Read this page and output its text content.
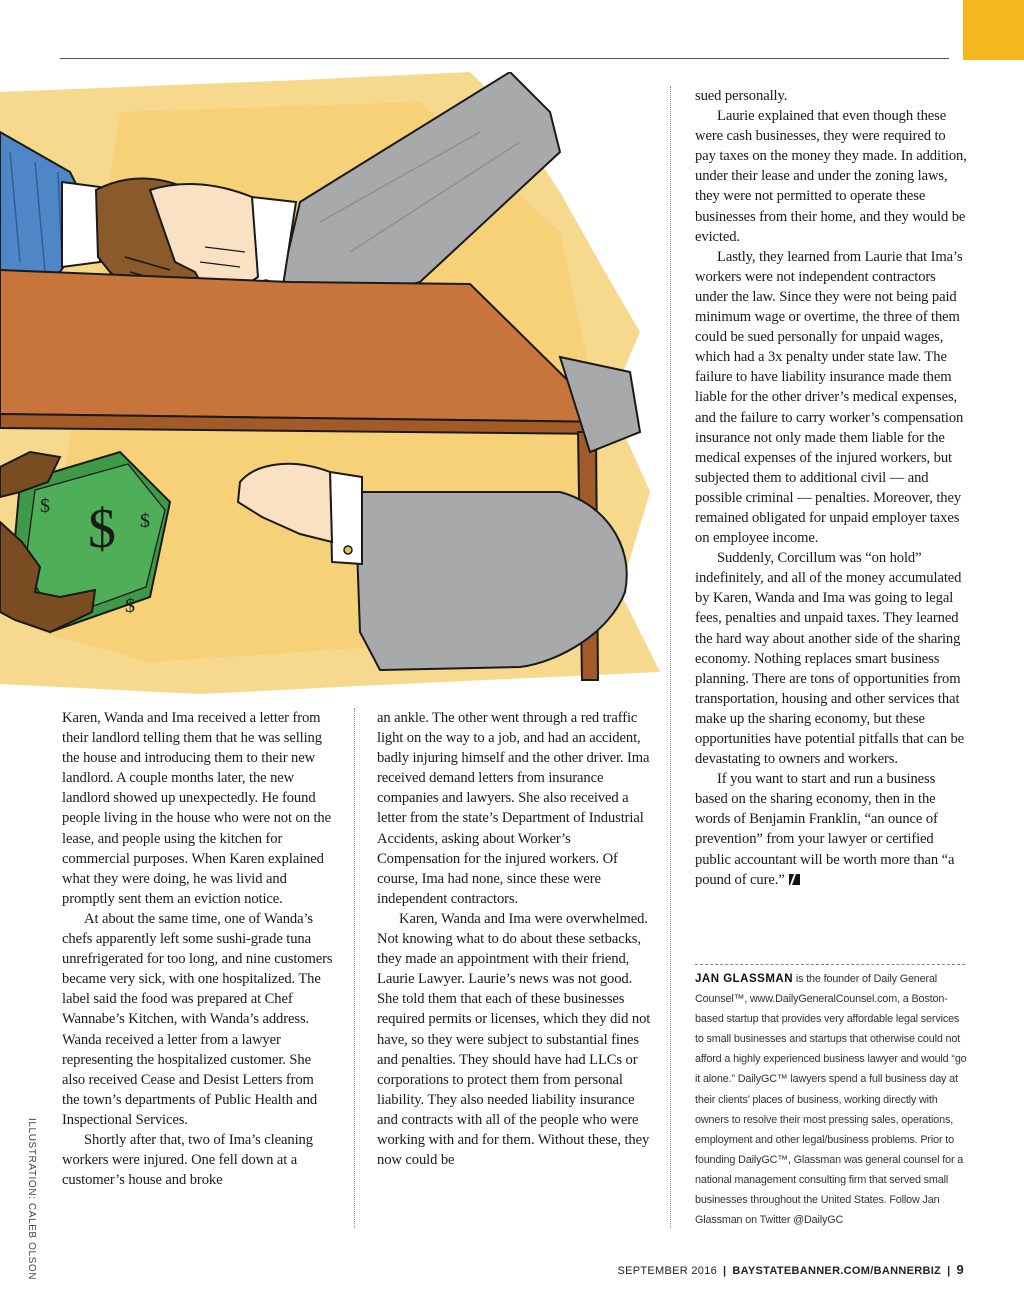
$ $
$
$
ILLUSTRATION: CALEB OLSON

Karen, Wanda and Ima received a letter from their landlord telling them that he was selling the house and introducing them to their new landlord. A couple months later, the new landlord showed up unexpectedly. He found people living in the house who were not on the lease, and people using the kitchen for commercial purposes. When Karen explained what they were doing, he was livid and promptly sent them an eviction notice.

At about the same time, one of Wanda’s chefs apparently left some sushi-grade tuna unrefrigerated for too long, and nine customers became very sick, with one hospitalized. The label said the food was prepared at Chef Wannabe’s Kitchen, with Wanda’s address. Wanda received a letter from a lawyer representing the hospitalized customer. She also received Cease and Desist Letters from the town’s departments of Public Health and Inspectional Services.

Shortly after that, two of Ima’s cleaning workers were injured. One fell down at a customer’s house and broke

an ankle. The other went through a red traffic light on the way to a job, and had an accident, badly injuring himself and the other driver. Ima received demand letters from insurance companies and lawyers. She also received a letter from the state’s Department of Industrial Accidents, asking about Worker’s Compensation for the injured workers. Of course, Ima had none, since these were independent contractors.

Karen, Wanda and Ima were overwhelmed. Not knowing what to do about these setbacks, they made an appointment with their friend, Laurie Lawyer. Laurie’s news was not good. She told them that each of these businesses required permits or licenses, which they did not have, so they were subject to substantial fines and penalties. They should have had LLCs or corporations to protect them from personal liability. They also needed liability insurance and contracts with all of the people who were working with and for them. Without these, they now could be

sued personally.

Laurie explained that even though these were cash businesses, they were required to pay taxes on the money they made. In addition, under their lease and under the zoning laws, they were not permitted to operate these businesses from their home, and they would be evicted.

Lastly, they learned from Laurie that Ima’s workers were not independent contractors under the law. Since they were not being paid minimum wage or overtime, the three of them could be sued personally for unpaid wages, which had a 3x penalty under state law. The failure to have liability insurance made them liable for the other driver’s medical expenses, and the failure to carry worker’s compensation insurance not only made them liable for the medical expenses of the injured workers, but subjected them to additional civil — and possible criminal — penalties. Moreover, they remained obligated for unpaid employer taxes on employee income.

Suddenly, Corcillum was “on hold” indefinitely, and all of the money accumulated by Karen, Wanda and Ima was going to legal fees, penalties and unpaid taxes. They learned the hard way about another side of the sharing economy. Nothing replaces smart business planning. There are tons of opportunities from transportation, housing and other services that make up the sharing economy, but these opportunities have potential pitfalls that can be devastating to owners and workers.

If you want to start and run a business based on the sharing economy, then in the words of Benjamin Franklin, “an ounce of prevention” from your lawyer or certified public accountant will be worth more than “a pound of cure.”

JAN GLASSMAN is the founder of Daily General Counsel™, www.DailyGeneralCounsel.com, a Boston-based startup that provides very affordable legal services to small businesses and startups that otherwise could not afford a highly experienced business lawyer and would “go it alone.” DailyGC™ lawyers spend a full business day at their clients’ places of business, working directly with owners to resolve their most pressing sales, operations, employment and other legal/business problems. Prior to founding DailyGC™, Glassman was general counsel for a national management consulting firm that served small businesses throughout the United States. Follow Jan Glassman on Twitter @DailyGC
SEPTEMBER 2016 | BAYSTATEBANNER.COM/BANNERBIZ | 9
